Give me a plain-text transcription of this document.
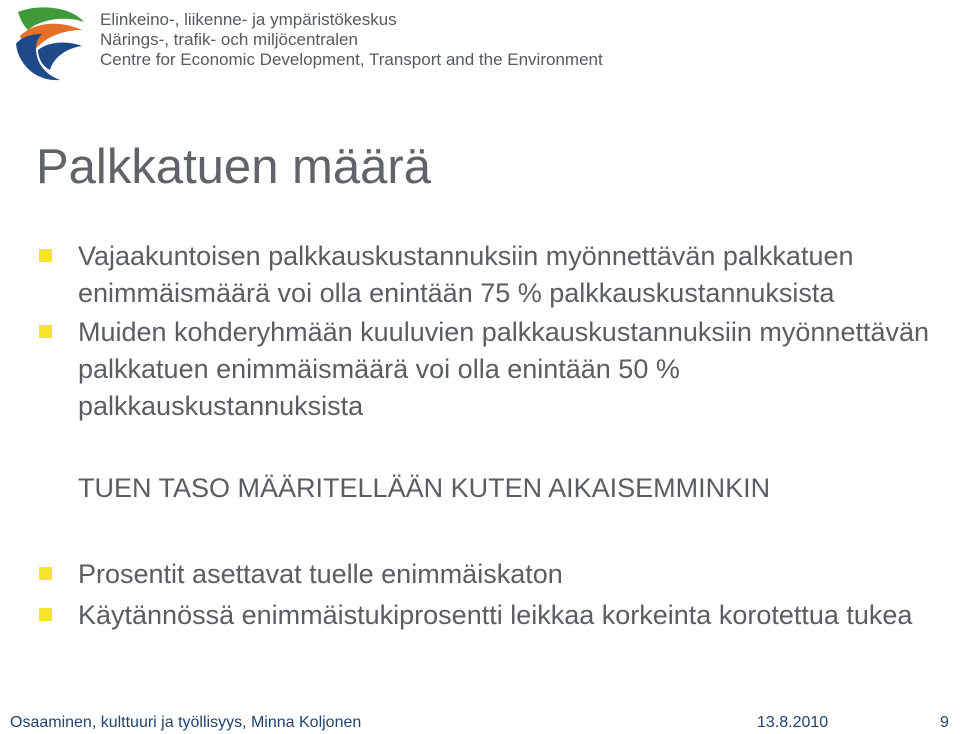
Elinkeino-, liikenne- ja ympäristökeskus
Närings-, trafik- och miljöcentralen
Centre for Economic Development, Transport and the Environment
Palkkatuen määrä
Vajaakuntoisen palkkauskustannuksiin myönnettävän palkkatuen enimmäismäärä voi olla enintään 75 % palkkauskustannuksista
Muiden kohderyhmään kuuluvien palkkauskustannuksiin myönnettävän palkkatuen enimmäismäärä voi olla enintään 50 % palkkauskustannuksista
TUEN TASO MÄÄRITELLÄÄN KUTEN AIKAISEMMINKIN
Prosentit asettavat tuelle enimmäiskaton
Käytännössä enimmäistukiprosentti leikkaa korkeinta korotettua tukea
Osaaminen, kulttuuri ja työllisyys, Minna Koljonen	13.8.2010	9
